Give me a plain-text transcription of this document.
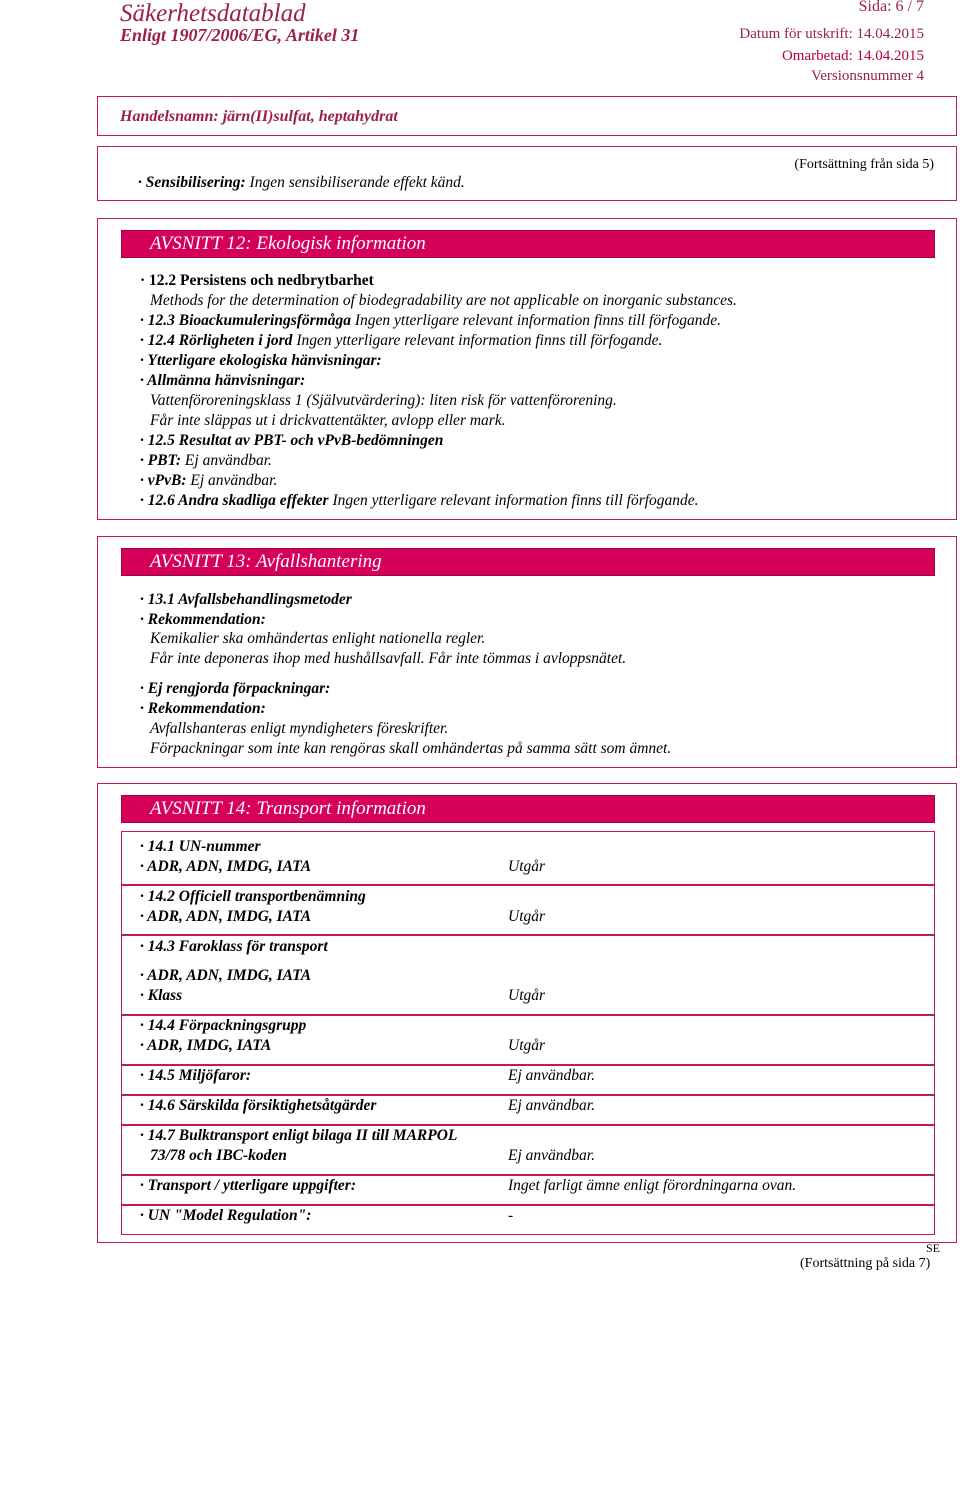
Säkerhetsdatablad
Enligt 1907/2006/EG, Artikel 31
Sida: 6 / 7
Datum för utskrift: 14.04.2015
Omarbetad: 14.04.2015
Versionsnummer 4
Handelsnamn: järn(II)sulfat, heptahydrat
(Fortsättning från sida 5)
· Sensibilisering: Ingen sensibiliserande effekt känd.
AVSNITT 12: Ekologisk information
· 12.2 Persistens och nedbrytbarhet
Methods for the determination of biodegradability are not applicable on inorganic substances.
· 12.3 Bioackumuleringsförmåga Ingen ytterligare relevant information finns till förfogande.
· 12.4 Rörligheten i jord Ingen ytterligare relevant information finns till förfogande.
· Ytterligare ekologiska hänvisningar:
· Allmänna hänvisningar:
Vattenföroreningsklass 1 (Självutvärdering): liten risk för vattenförorening.
Får inte släppas ut i drickvattentäkter, avlopp eller mark.
· 12.5 Resultat av PBT- och vPvB-bedömningen
· PBT: Ej användbar.
· vPvB: Ej användbar.
· 12.6 Andra skadliga effekter Ingen ytterligare relevant information finns till förfogande.
AVSNITT 13: Avfallshantering
· 13.1 Avfallsbehandlingsmetoder
· Rekommendation:
Kemikalier ska omhändertas enlight nationella regler.
Får inte deponeras ihop med hushållsavfall. Får inte tömmas i avloppsnätet.
· Ej rengjorda förpackningar:
· Rekommendation:
Avfallshanteras enligt myndigheters föreskrifter.
Förpackningar som inte kan rengöras skall omhändertas på samma sätt som ämnet.
AVSNITT 14: Transport information
· 14.1 UN-nummer
· ADR, ADN, IMDG, IATA	Utgår
· 14.2 Officiell transportbenämning
· ADR, ADN, IMDG, IATA	Utgår
· 14.3 Faroklass för transport
· ADR, ADN, IMDG, IATA
· Klass	Utgår
· 14.4 Förpackningsgrupp
· ADR, IMDG, IATA	Utgår
· 14.5 Miljöfaror:	Ej användbar.
· 14.6 Särskilda försiktighetsåtgärder	Ej användbar.
· 14.7 Bulktransport enligt bilaga II till MARPOL
73/78 och IBC-koden	Ej användbar.
· Transport / ytterligare uppgifter:	Inget farligt ämne enligt förordningarna ovan.
· UN "Model Regulation":	-
SE
(Fortsättning på sida 7)
